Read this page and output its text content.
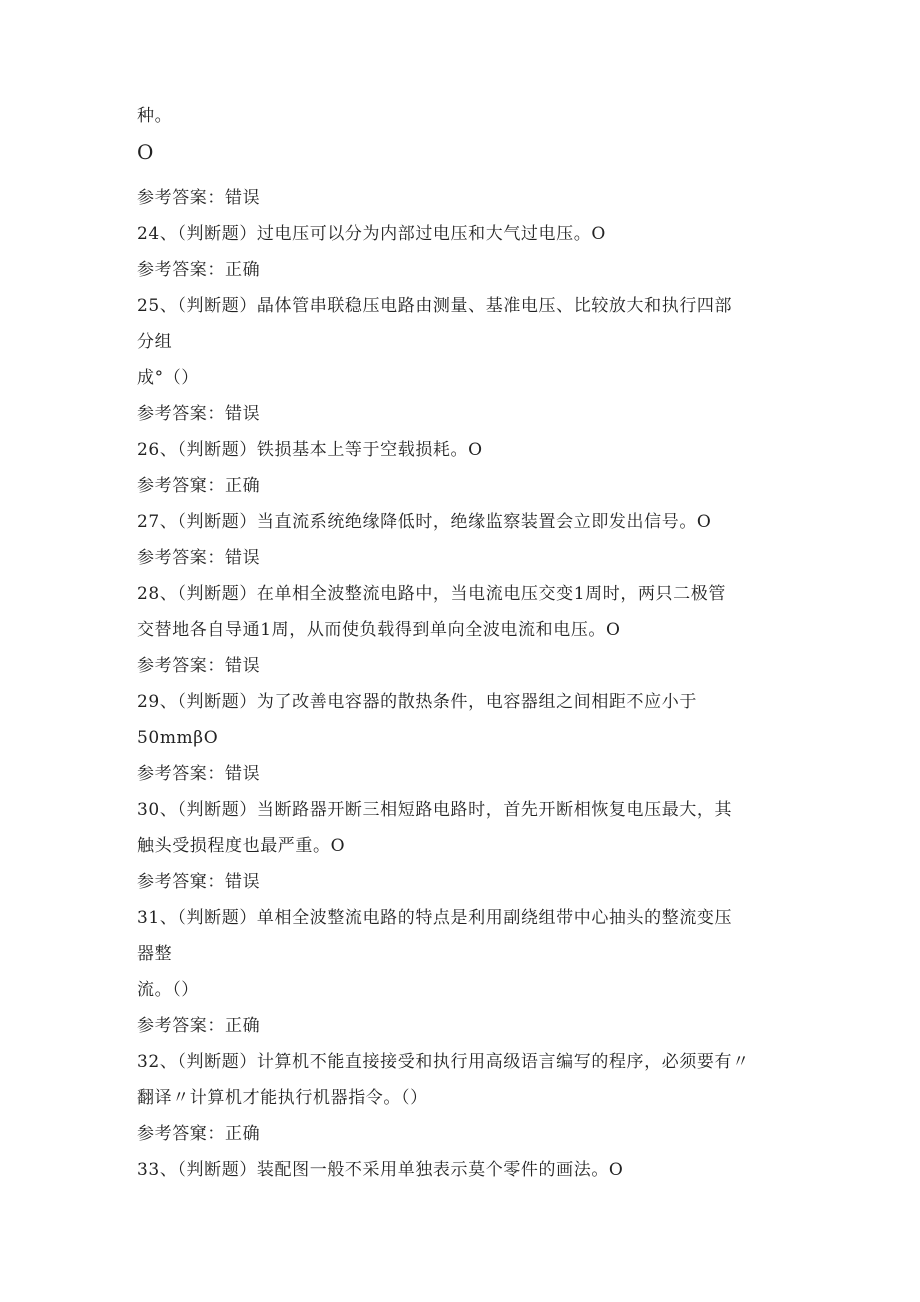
种。
O
参考答案：错误
24、（判断题）过电压可以分为内部过电压和大气过电压。O
参考答案：正确
25、（判断题）晶体管串联稳压电路由测量、基准电压、比较放大和执行四部
分组
成°（）
参考答案：错误
26、（判断题）铁损基本上等于空载损耗。O
参考答窠：正确
27、（判断题）当直流系统绝缘降低时，绝缘监察装置会立即发出信号。O
参考答案：错误
28、（判断题）在单相全波整流电路中，当电流电压交变1周时，两只二极管
交替地各自导通1周，从而使负载得到单向全波电流和电压。O
参考答案：错误
29、（判断题）为了改善电容器的散热条件，电容器组之间相距不应小于
50mmβO
参考答案：错误
30、（判断题）当断路器开断三相短路电路时，首先开断相恢复电压最大，其
触头受损程度也最严重。O
参考答窠：错误
31、（判断题）单相全波整流电路的特点是利用副绕组带中心抽头的整流变压
器整
流。（）
参考答案：正确
32、（判断题）计算机不能直接接受和执行用高级语言编写的程序，必须要有〃
翻译〃计算机才能执行机器指令。（）
参考答窠：正确
33、（判断题）装配图一般不采用单独表示莫个零件的画法。O
